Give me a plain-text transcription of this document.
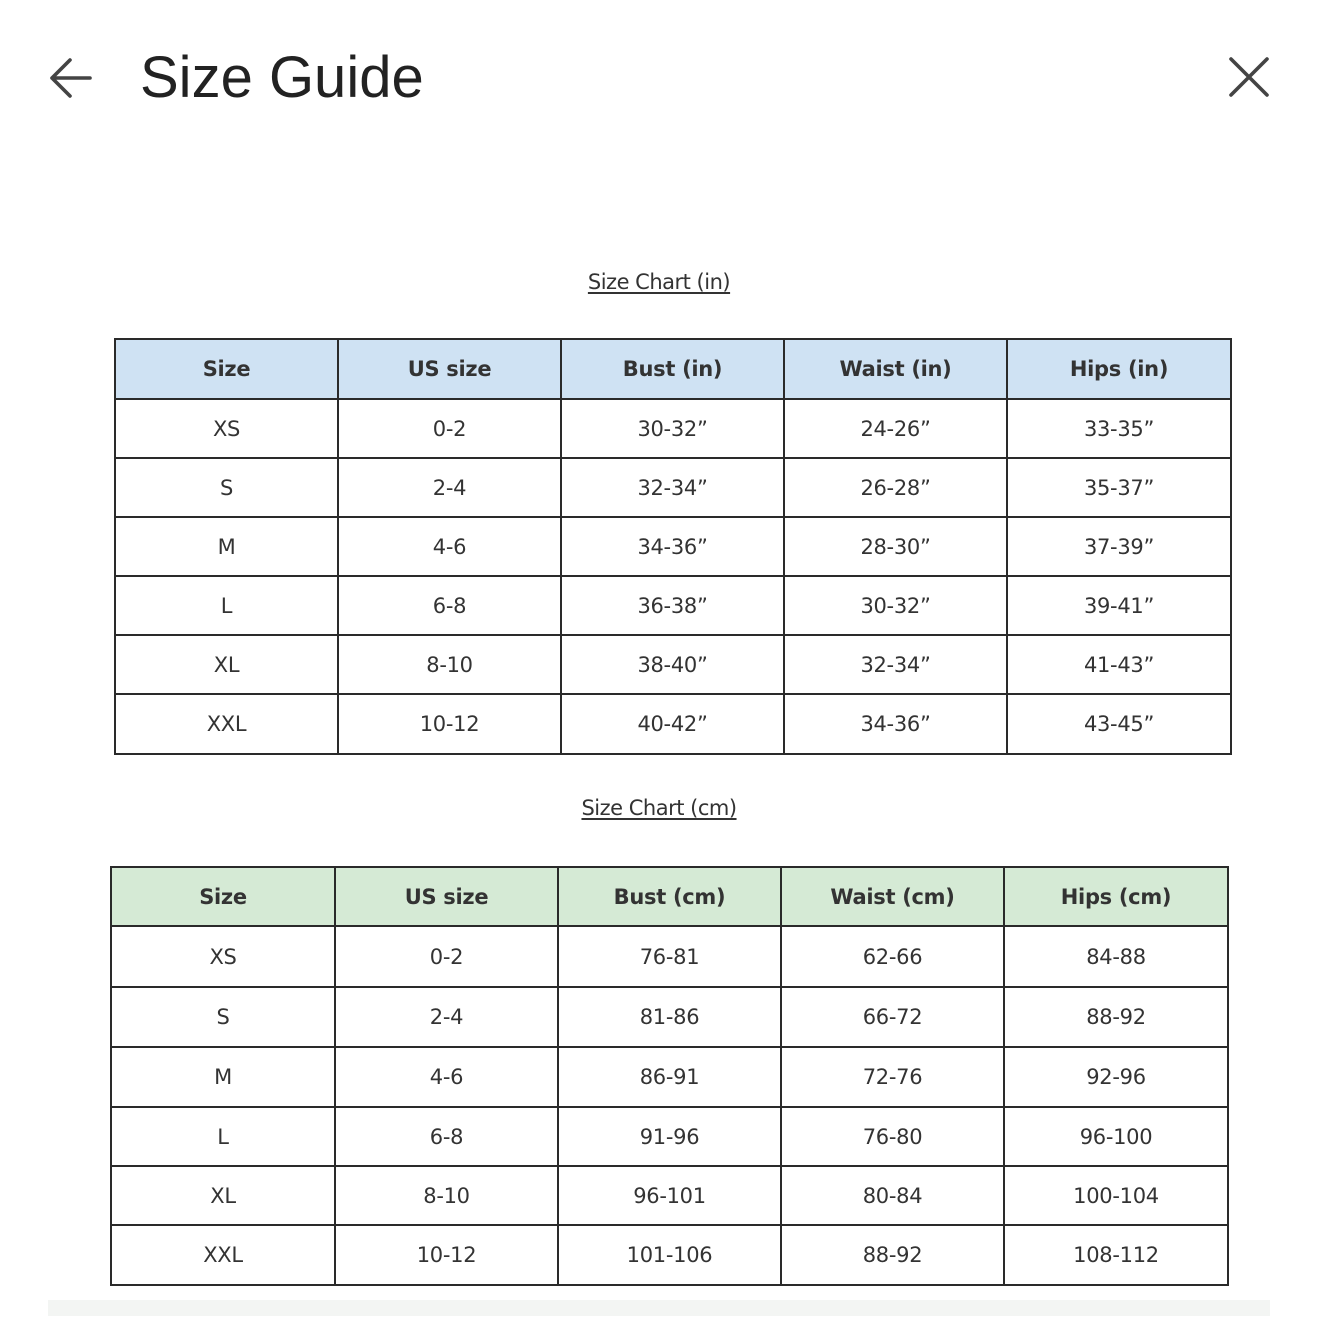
Size Guide
Size Chart (in)
Size	US size	Bust (in)	Waist (in)	Hips (in)
XS	0-2	30-32”	24-26”	33-35”
S	2-4	32-34”	26-28”	35-37”
M	4-6	34-36”	28-30”	37-39”
L	6-8	36-38”	30-32”	39-41”
XL	8-10	38-40”	32-34”	41-43”
XXL	10-12	40-42”	34-36”	43-45”
Size Chart (cm)
Size	US size	Bust (cm)	Waist (cm)	Hips (cm)
XS	0-2	76-81	62-66	84-88
S	2-4	81-86	66-72	88-92
M	4-6	86-91	72-76	92-96
L	6-8	91-96	76-80	96-100
XL	8-10	96-101	80-84	100-104
XXL	10-12	101-106	88-92	108-112
